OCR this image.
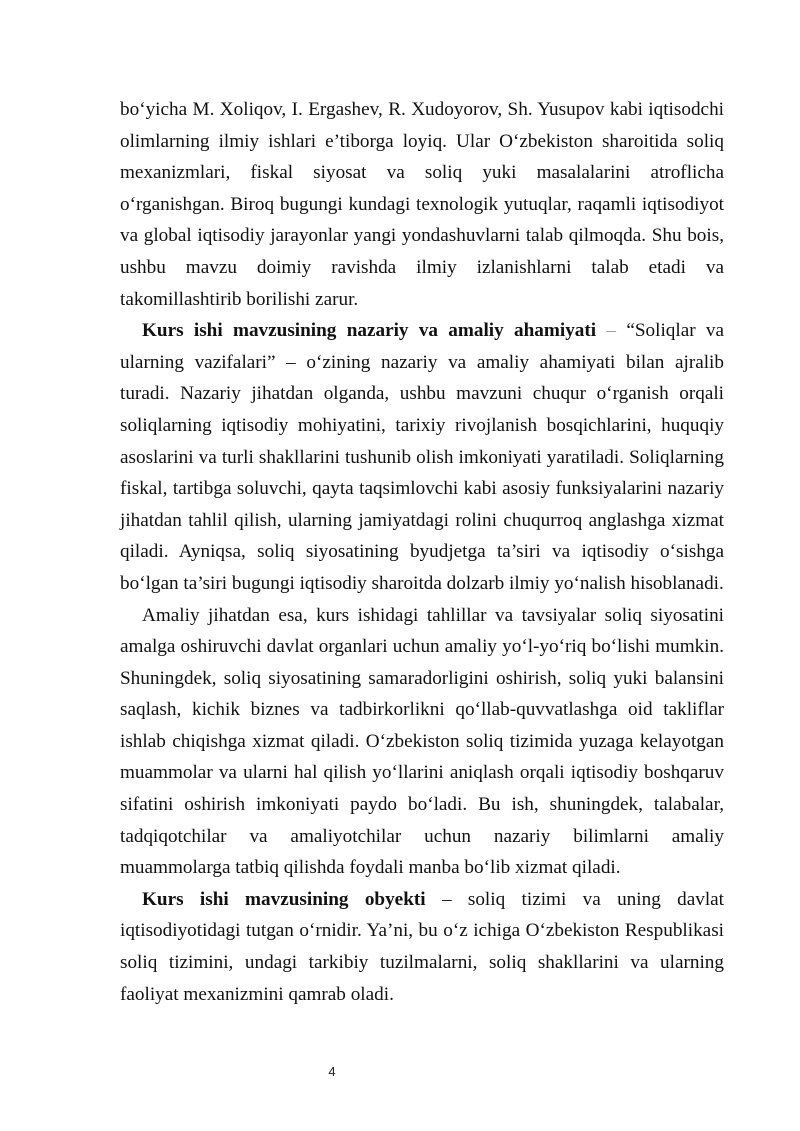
bo‘yicha M. Xoliqov, I. Ergashev, R. Xudoyorov, Sh. Yusupov kabi iqtisodchi olimlarning ilmiy ishlari e’tiborga loyiq. Ular O‘zbekiston sharoitida soliq mexanizmlari, fiskal siyosat va soliq yuki masalalarini atroflicha o‘rganishgan. Biroq bugungi kundagi texnologik yutuqlar, raqamli iqtisodiyot va global iqtisodiy jarayonlar yangi yondashuvlarni talab qilmoqda. Shu bois, ushbu mavzu doimiy ravishda ilmiy izlanishlarni talab etadi va takomillashtirib borilishi zarur.

Kurs ishi mavzusining nazariy va amaliy ahamiyati – “Soliqlar va ularning vazifalari” – o‘zining nazariy va amaliy ahamiyati bilan ajralib turadi. Nazariy jihatdan olganda, ushbu mavzuni chuqur o‘rganish orqali soliqlarning iqtisodiy mohiyatini, tarixiy rivojlanish bosqichlarini, huquqiy asoslarini va turli shakllarini tushunib olish imkoniyati yaratiladi. Soliqlarning fiskal, tartibga soluvchi, qayta taqsimlovchi kabi asosiy funksiyalarini nazariy jihatdan tahlil qilish, ularning jamiyatdagi rolini chuqurroq anglashga xizmat qiladi. Ayniqsa, soliq siyosatining byudjetga ta’siri va iqtisodiy o‘sishga bo‘lgan ta’siri bugungi iqtisodiy sharoitda dolzarb ilmiy yo‘nalish hisoblanadi.

Amaliy jihatdan esa, kurs ishidagi tahlillar va tavsiyalar soliq siyosatini amalga oshiruvchi davlat organlari uchun amaliy yo‘l-yo‘riq bo‘lishi mumkin. Shuningdek, soliq siyosatining samaradorligini oshirish, soliq yuki balansini saqlash, kichik biznes va tadbirkorlikni qo‘llab-quvvatlashga oid takliflar ishlab chiqishga xizmat qiladi. O‘zbekiston soliq tizimida yuzaga kelayotgan muammolar va ularni hal qilish yo‘llarini aniqlash orqali iqtisodiy boshqaruv sifatini oshirish imkoniyati paydo bo‘ladi. Bu ish, shuningdek, talabalar, tadqiqotchilar va amaliyotchilar uchun nazariy bilimlarni amaliy muammolarga tatbiq qilishda foydali manba bo‘lib xizmat qiladi.

Kurs ishi mavzusining obyekti – soliq tizimi va uning davlat iqtisodiyotidagi tutgan o‘rnidir. Ya’ni, bu o‘z ichiga O‘zbekiston Respublikasi soliq tizimini, undagi tarkibiy tuzilmalarni, soliq shakllarini va ularning faoliyat mexanizmini qamrab oladi.

4
